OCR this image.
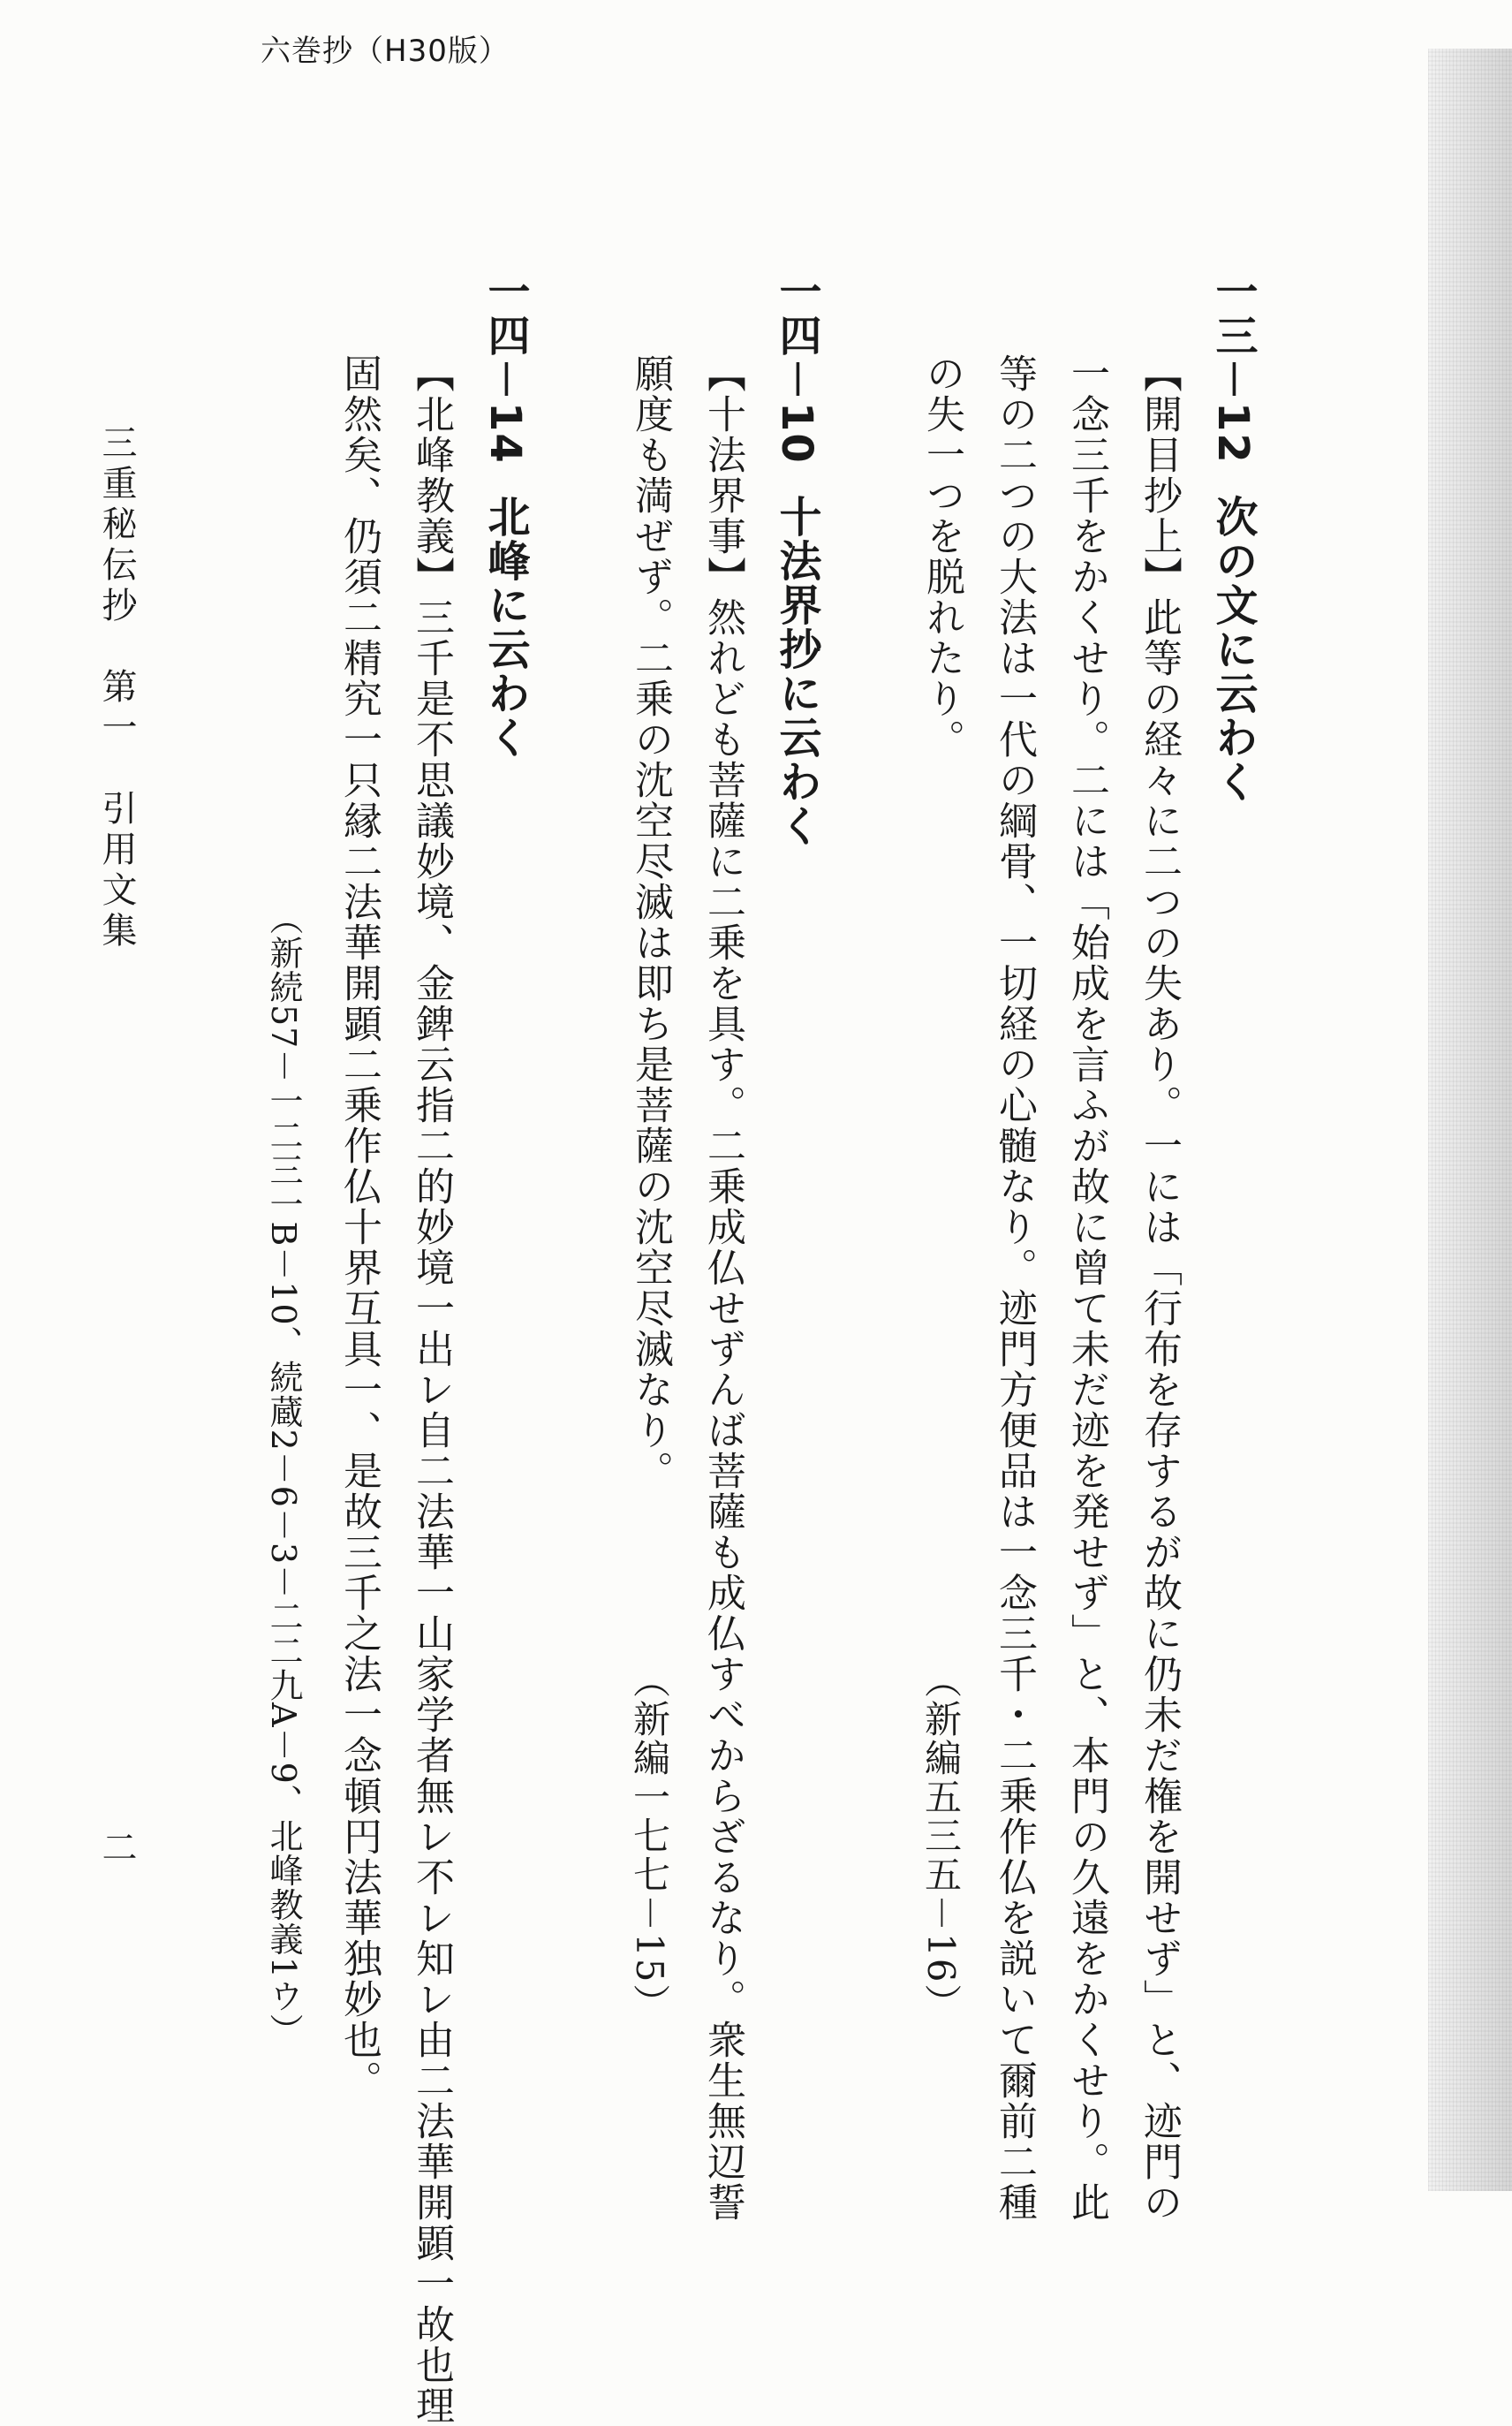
六巻抄（H30版）
一三－12次の文に云わく
【開目抄上】此等の経々に二つの失あり。一には「行布を存するが故に仍未だ権を開せず」と、迹門の
一念三千をかくせり。二には「始成を言ふが故に曾て未だ迹を発せず」と、本門の久遠をかくせり。此
等の二つの大法は一代の綱骨、一切経の心髄なり。迹門方便品は一念三千・二乗作仏を説いて爾前二種
の失一つを脱れたり。
（新編五三五－16）
一四－10十法界抄に云わく
【十法界事】然れども菩薩に二乗を具す。二乗成仏せずんば菩薩も成仏すべからざるなり。衆生無辺誓
願度も満ぜず。二乗の沈空尽滅は即ち是菩薩の沈空尽滅なり。
（新編一七七－15）
一四－14北峰に云わく
【北峰教義】三千是不思議妙境、金錍云指二的妙境一出レ自二法華一山家学者無レ不レ知レ由二法華開顕一故也理
固然矣、仍須二精究一只縁二法華開顕二乗作仏十界互具一、是故三千之法一念頓円法華独妙也。
（新続57－一二三一B－10、続蔵2－6－3－二二九A－9、北峰教義1ウ）
三重秘伝抄　第一　引用文集
二
